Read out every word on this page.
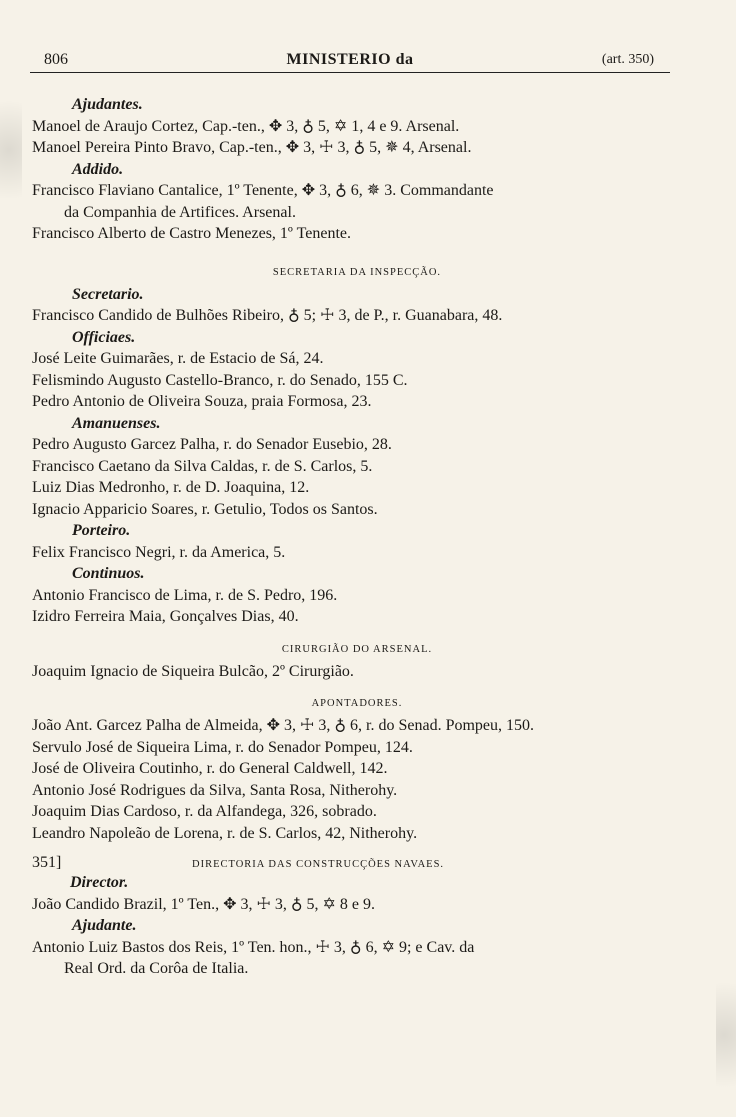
806	MINISTERIO da	(art. 350)
Ajudantes.
Manoel de Araujo Cortez, Cap.-ten., ✥ 3, ♁ 5, ✡ 1, 4 e 9. Arsenal.
Manoel Pereira Pinto Bravo, Cap.-ten., ✥ 3, ☩ 3, ♁ 5, ✵ 4, Arsenal.
Addido.
Francisco Flaviano Cantalice, 1º Tenente, ✥ 3, ♁ 6, ✵ 3. Commandante
da Companhia de Artifices. Arsenal.
Francisco Alberto de Castro Menezes, 1º Tenente.
SECRETARIA DA INSPECÇÃO.
Secretario.
Francisco Candido de Bulhões Ribeiro, ♁ 5; ☩ 3, de P., r. Guanabara, 48.
Officiaes.
José Leite Guimarães, r. de Estacio de Sá, 24.
Felismindo Augusto Castello-Branco, r. do Senado, 155 C.
Pedro Antonio de Oliveira Souza, praia Formosa, 23.
Amanuenses.
Pedro Augusto Garcez Palha, r. do Senador Eusebio, 28.
Francisco Caetano da Silva Caldas, r. de S. Carlos, 5.
Luiz Dias Medronho, r. de D. Joaquina, 12.
Ignacio Apparicio Soares, r. Getulio, Todos os Santos.
Porteiro.
Felix Francisco Negri, r. da America, 5.
Continuos.
Antonio Francisco de Lima, r. de S. Pedro, 196.
Izidro Ferreira Maia, Gonçalves Dias, 40.
CIRURGIÃO DO ARSENAL.
Joaquim Ignacio de Siqueira Bulcão, 2º Cirurgião.
APONTADORES.
João Ant. Garcez Palha de Almeida, ✥ 3, ☩ 3, ♁ 6, r. do Senad. Pompeu, 150.
Servulo José de Siqueira Lima, r. do Senador Pompeu, 124.
José de Oliveira Coutinho, r. do General Caldwell, 142.
Antonio José Rodrigues da Silva, Santa Rosa, Nitherohy.
Joaquim Dias Cardoso, r. da Alfandega, 326, sobrado.
Leandro Napoleão de Lorena, r. de S. Carlos, 42, Nitherohy.
351]	DIRECTORIA DAS CONSTRUCÇÕES NAVAES.
Director.
João Candido Brazil, 1º Ten., ✥ 3, ☩ 3, ♁ 5, ✡ 8 e 9.
Ajudante.
Antonio Luiz Bastos dos Reis, 1º Ten. hon., ☩ 3, ♁ 6, ✡ 9; e Cav. da
Real Ord. da Corôa de Italia.
